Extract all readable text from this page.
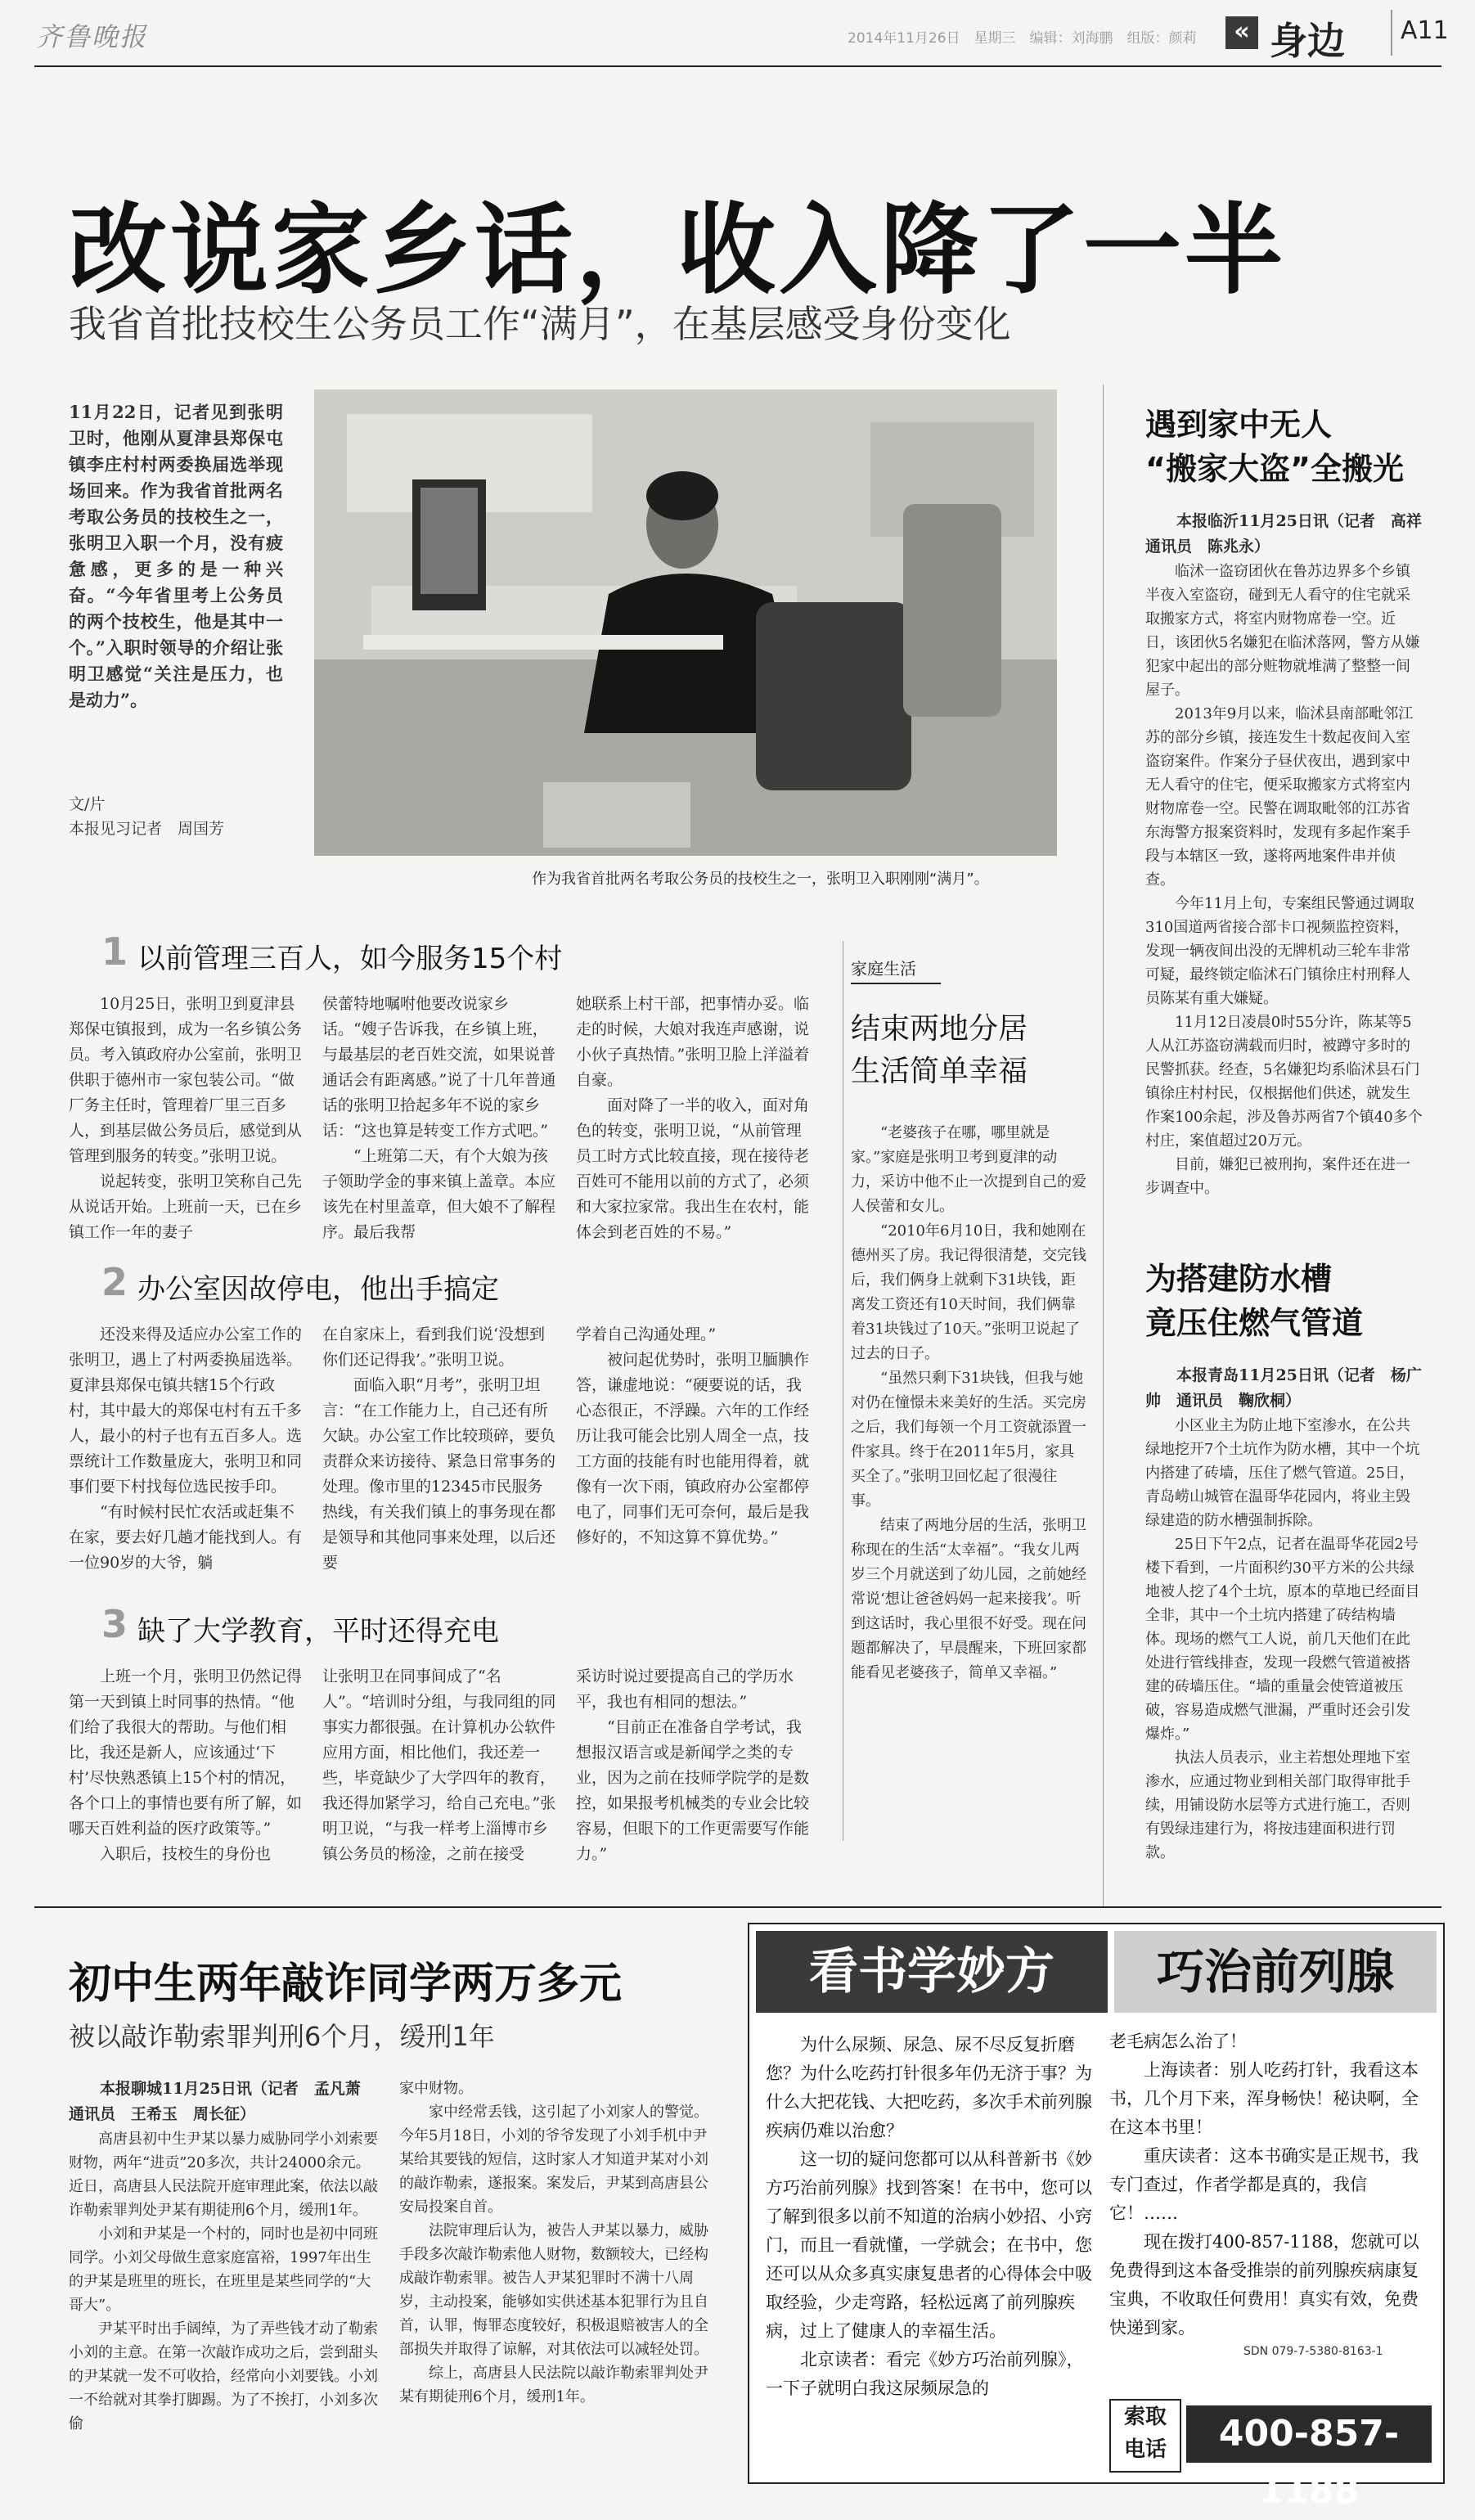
齐鲁晚报	2014年11月26日　星期三　编辑：刘海鹏　组版：颜莉	« 身边 A11
改说家乡话，收入降了一半
我省首批技校生公务员工作“满月”，在基层感受身份变化
11月22日，记者见到张明卫时，他刚从夏津县郑保屯镇李庄村村两委换届选举现场回来。作为我省首批两名考取公务员的技校生之一，张明卫入职一个月，没有疲惫感，更多的是一种兴奋。“今年省里考上公务员的两个技校生，他是其中一个。”入职时领导的介绍让张明卫感觉“关注是压力，也是动力”。
文/片
本报见习记者　周国芳
作为我省首批两名考取公务员的技校生之一，张明卫入职刚刚“满月”。
1 以前管理三百人，如今服务15个村
　　10月25日，张明卫到夏津县郑保屯镇报到，成为一名乡镇公务员。考入镇政府办公室前，张明卫供职于德州市一家包装公司。“做厂务主任时，管理着厂里三百多人，到基层做公务员后，感觉到从管理到服务的转变。”张明卫说。
　　说起转变，张明卫笑称自己先从说话开始。上班前一天，已在乡镇工作一年的妻子
侯蕾特地嘱咐他要改说家乡话。“嫂子告诉我，在乡镇上班，与最基层的老百姓交流，如果说普通话会有距离感。”说了十几年普通话的张明卫拾起多年不说的家乡话：“这也算是转变工作方式吧。”
　　“上班第二天，有个大娘为孩子领助学金的事来镇上盖章。本应该先在村里盖章，但大娘不了解程序。最后我帮
她联系上村干部，把事情办妥。临走的时候，大娘对我连声感谢，说小伙子真热情。”张明卫脸上洋溢着自豪。
　　面对降了一半的收入，面对角色的转变，张明卫说，“从前管理员工时方式比较直接，现在接待老百姓可不能用以前的方式了，必须和大家拉家常。我出生在农村，能体会到老百姓的不易。”
2 办公室因故停电，他出手搞定
　　还没来得及适应办公室工作的张明卫，遇上了村两委换届选举。夏津县郑保屯镇共辖15个行政村，其中最大的郑保屯村有五千多人，最小的村子也有五百多人。选票统计工作数量庞大，张明卫和同事们要下村找每位选民按手印。
　　“有时候村民忙农活或赶集不在家，要去好几趟才能找到人。有一位90岁的大爷，躺
在自家床上，看到我们说‘没想到你们还记得我’。”张明卫说。
　　面临入职“月考”，张明卫坦言：“在工作能力上，自己还有所欠缺。办公室工作比较琐碎，要负责群众来访接待、紧急日常事务的处理。像市里的12345市民服务热线，有关我们镇上的事务现在都是领导和其他同事来处理，以后还要
学着自己沟通处理。”
　　被问起优势时，张明卫腼腆作答，谦虚地说：“硬要说的话，我心态很正，不浮躁。六年的工作经历让我可能会比别人周全一点，技工方面的技能有时也能用得着，就像有一次下雨，镇政府办公室都停电了，同事们无可奈何，最后是我修好的，不知这算不算优势。”
3 缺了大学教育，平时还得充电
　　上班一个月，张明卫仍然记得第一天到镇上时同事的热情。“他们给了我很大的帮助。与他们相比，我还是新人，应该通过‘下村’尽快熟悉镇上15个村的情况，各个口上的事情也要有所了解，如哪天百姓利益的医疗政策等。”
　　入职后，技校生的身份也
让张明卫在同事间成了“名人”。“培训时分组，与我同组的同事实力都很强。在计算机办公软件应用方面，相比他们，我还差一些，毕竟缺少了大学四年的教育，我还得加紧学习，给自己充电。”张明卫说，“与我一样考上淄博市乡镇公务员的杨淦，之前在接受
采访时说过要提高自己的学历水平，我也有相同的想法。”
　　“目前正在准备自学考试，我想报汉语言或是新闻学之类的专业，因为之前在技师学院学的是数控，如果报考机械类的专业会比较容易，但眼下的工作更需要写作能力。”
家庭生活
结束两地分居
生活简单幸福
　　“老婆孩子在哪，哪里就是家。”家庭是张明卫考到夏津的动力，采访中他不止一次提到自己的爱人侯蕾和女儿。
　　“2010年6月10日，我和她刚在德州买了房。我记得很清楚，交完钱后，我们俩身上就剩下31块钱，距离发工资还有10天时间，我们俩靠着31块钱过了10天。”张明卫说起了过去的日子。
　　“虽然只剩下31块钱，但我与她对仍在憧憬未来美好的生活。买完房之后，我们每领一个月工资就添置一件家具。终于在2011年5月，家具买全了。”张明卫回忆起了很漫往事。
　　结束了两地分居的生活，张明卫称现在的生活“太幸福”。“我女儿两岁三个月就送到了幼儿园，之前她经常说‘想让爸爸妈妈一起来接我’。听到这话时，我心里很不好受。现在问题都解决了，早晨醒来，下班回家都能看见老婆孩子，简单又幸福。”
遇到家中无人
“搬家大盗”全搬光
　　本报临沂11月25日讯（记者　高祥　通讯员　陈兆永）
　　临沭一盗窃团伙在鲁苏边界多个乡镇半夜入室盗窃，碰到无人看守的住宅就采取搬家方式，将室内财物席卷一空。近日，该团伙5名嫌犯在临沭落网，警方从嫌犯家中起出的部分赃物就堆满了整整一间屋子。
　　2013年9月以来，临沭县南部毗邻江苏的部分乡镇，接连发生十数起夜间入室盗窃案件。作案分子昼伏夜出，遇到家中无人看守的住宅，便采取搬家方式将室内财物席卷一空。民警在调取毗邻的江苏省东海警方报案资料时，发现有多起作案手段与本辖区一致，遂将两地案件串并侦查。
　　今年11月上旬，专案组民警通过调取310国道两省接合部卡口视频监控资料，发现一辆夜间出没的无牌机动三轮车非常可疑，最终锁定临沭石门镇徐庄村刑释人员陈某有重大嫌疑。
　　11月12日凌晨0时55分许，陈某等5人从江苏盗窃满载而归时，被蹲守多时的民警抓获。经查，5名嫌犯均系临沭县石门镇徐庄村村民，仅根据他们供述，就发生作案100余起，涉及鲁苏两省7个镇40多个村庄，案值超过20万元。
　　目前，嫌犯已被刑拘，案件还在进一步调查中。
为搭建防水槽
竟压住燃气管道
　　本报青岛11月25日讯（记者　杨广帅　通讯员　鞠欣桐）
　　小区业主为防止地下室渗水，在公共绿地挖开7个土坑作为防水槽，其中一个坑内搭建了砖墙，压住了燃气管道。25日，青岛崂山城管在温哥华花园内，将业主毁绿建造的防水槽强制拆除。
　　25日下午2点，记者在温哥华花园2号楼下看到，一片面积约30平方米的公共绿地被人挖了4个土坑，原本的草地已经面目全非，其中一个土坑内搭建了砖结构墙体。现场的燃气工人说，前几天他们在此处进行管线排查，发现一段燃气管道被搭建的砖墙压住。“墙的重量会使管道被压破，容易造成燃气泄漏，严重时还会引发爆炸。”
　　执法人员表示，业主若想处理地下室渗水，应通过物业到相关部门取得审批手续，用铺设防水层等方式进行施工，否则有毁绿违建行为，将按违建面积进行罚款。
初中生两年敲诈同学两万多元
被以敲诈勒索罪判刑6个月，缓刑1年
　　本报聊城11月25日讯（记者　孟凡萧　通讯员　王希玉　周长征）
　　高唐县初中生尹某以暴力威胁同学小刘索要财物，两年“进贡”20多次，共计24000余元。近日，高唐县人民法院开庭审理此案，依法以敲诈勒索罪判处尹某有期徒刑6个月，缓刑1年。
　　小刘和尹某是一个村的，同时也是初中同班同学。小刘父母做生意家庭富裕，1997年出生的尹某是班里的班长，在班里是某些同学的“大哥大”。
　　尹某平时出手阔绰，为了弄些钱才动了勒索小刘的主意。在第一次敲诈成功之后，尝到甜头的尹某就一发不可收拾，经常向小刘要钱。小刘一不给就对其拳打脚踢。为了不挨打，小刘多次偷
家中财物。
　　家中经常丢钱，这引起了小刘家人的警觉。今年5月18日，小刘的爷爷发现了小刘手机中尹某给其要钱的短信，这时家人才知道尹某对小刘的敲诈勒索，遂报案。案发后，尹某到高唐县公安局投案自首。
　　法院审理后认为，被告人尹某以暴力，威胁手段多次敲诈勒索他人财物，数额较大，已经构成敲诈勒索罪。被告人尹某犯罪时不满十八周岁，主动投案，能够如实供述基本犯罪行为且自首，认罪，悔罪态度较好，积极退赔被害人的全部损失并取得了谅解，对其依法可以减轻处罚。
　　综上，高唐县人民法院以敲诈勒索罪判处尹某有期徒刑6个月，缓刑1年。
看书学妙方	巧治前列腺
　　为什么尿频、尿急、尿不尽反复折磨您？为什么吃药打针很多年仍无济于事？为什么大把花钱、大把吃药，多次手术前列腺疾病仍难以治愈？
　　这一切的疑问您都可以从科普新书《妙方巧治前列腺》找到答案！在书中，您可以了解到很多以前不知道的治病小妙招、小窍门，而且一看就懂，一学就会；在书中，您还可以从众多真实康复患者的心得体会中吸取经验，少走弯路，轻松远离了前列腺疾病，过上了健康人的幸福生活。
　　北京读者：看完《妙方巧治前列腺》，一下子就明白我这尿频尿急的
老毛病怎么治了！
　　上海读者：别人吃药打针，我看这本书，几个月下来，浑身畅快！秘诀啊，全在这本书里！
　　重庆读者：这本书确实是正规书，我专门查过，作者学都是真的，我信它！……
　　现在拨打400-857-1188，您就可以免费得到这本备受推崇的前列腺疾病康复宝典，不收取任何费用！真实有效，免费快递到家。
SDN 079-7-5380-8163-1
索取
电话	400-857-1188
